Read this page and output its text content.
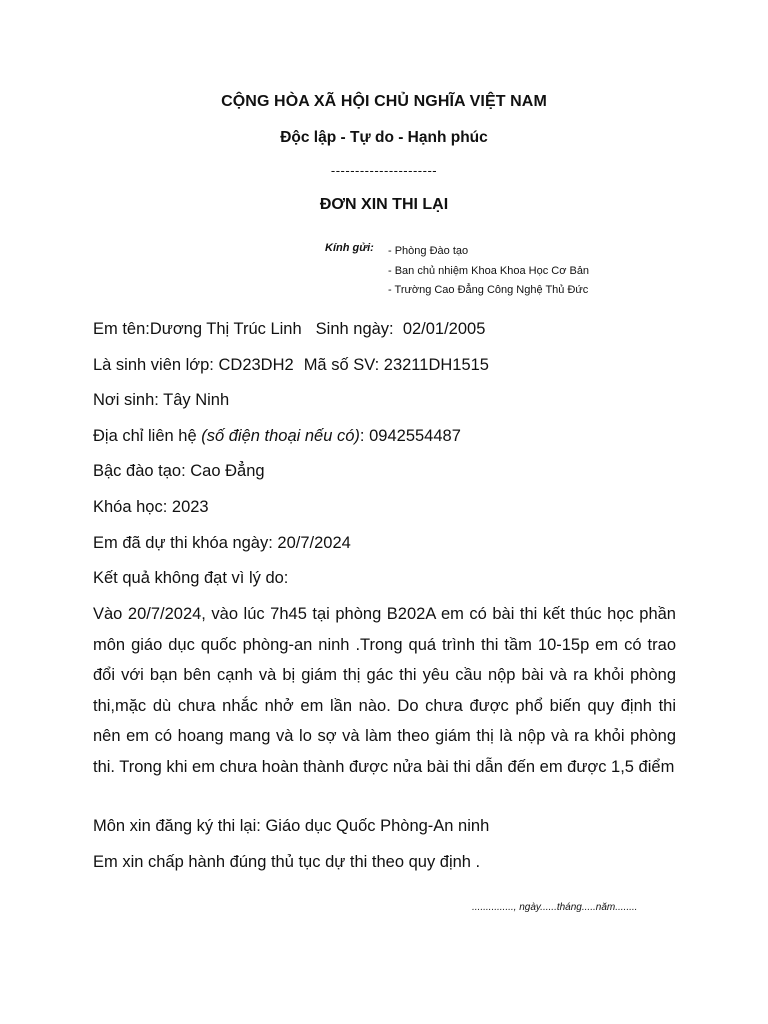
CỘNG HÒA XÃ HỘI CHỦ NGHĨA VIỆT NAM
Độc lập - Tự do - Hạnh phúc
----------------------
ĐƠN XIN THI LẠI
Kính gửi: - Phòng Đào tạo
- Ban chủ nhiệm Khoa Khoa Học Cơ Bản
- Trường Cao Đẳng Công Nghệ Thủ Đức
Em tên:Dương Thị Trúc Linh Sinh ngày: 02/01/2005
Là sinh viên lớp: CD23DH2 Mã số SV: 23211DH1515
Nơi sinh: Tây Ninh
Địa chỉ liên hệ (số điện thoại nếu có): 0942554487
Bậc đào tạo: Cao Đẳng
Khóa học: 2023
Em đã dự thi khóa ngày: 20/7/2024
Kết quả không đạt vì lý do:
Vào 20/7/2024, vào lúc 7h45 tại phòng B202A em có bài thi kết thúc học phần môn giáo dục quốc phòng-an ninh .Trong quá trình thi tầm 10-15p em có trao đổi với bạn bên cạnh và bị giám thị gác thi yêu cầu nộp bài và ra khỏi phòng thi,mặc dù chưa nhắc nhở em lần nào. Do chưa được phổ biến quy định thi nên em có hoang mang và lo sợ và làm theo giám thị là nộp và ra khỏi phòng thi. Trong khi em chưa hoàn thành được nửa bài thi dẫn đến em được 1,5 điểm
Môn xin đăng ký thi lại: Giáo dục Quốc Phòng-An ninh
Em xin chấp hành đúng thủ tục dự thi theo quy định .
..............., ngày......tháng.....năm........
